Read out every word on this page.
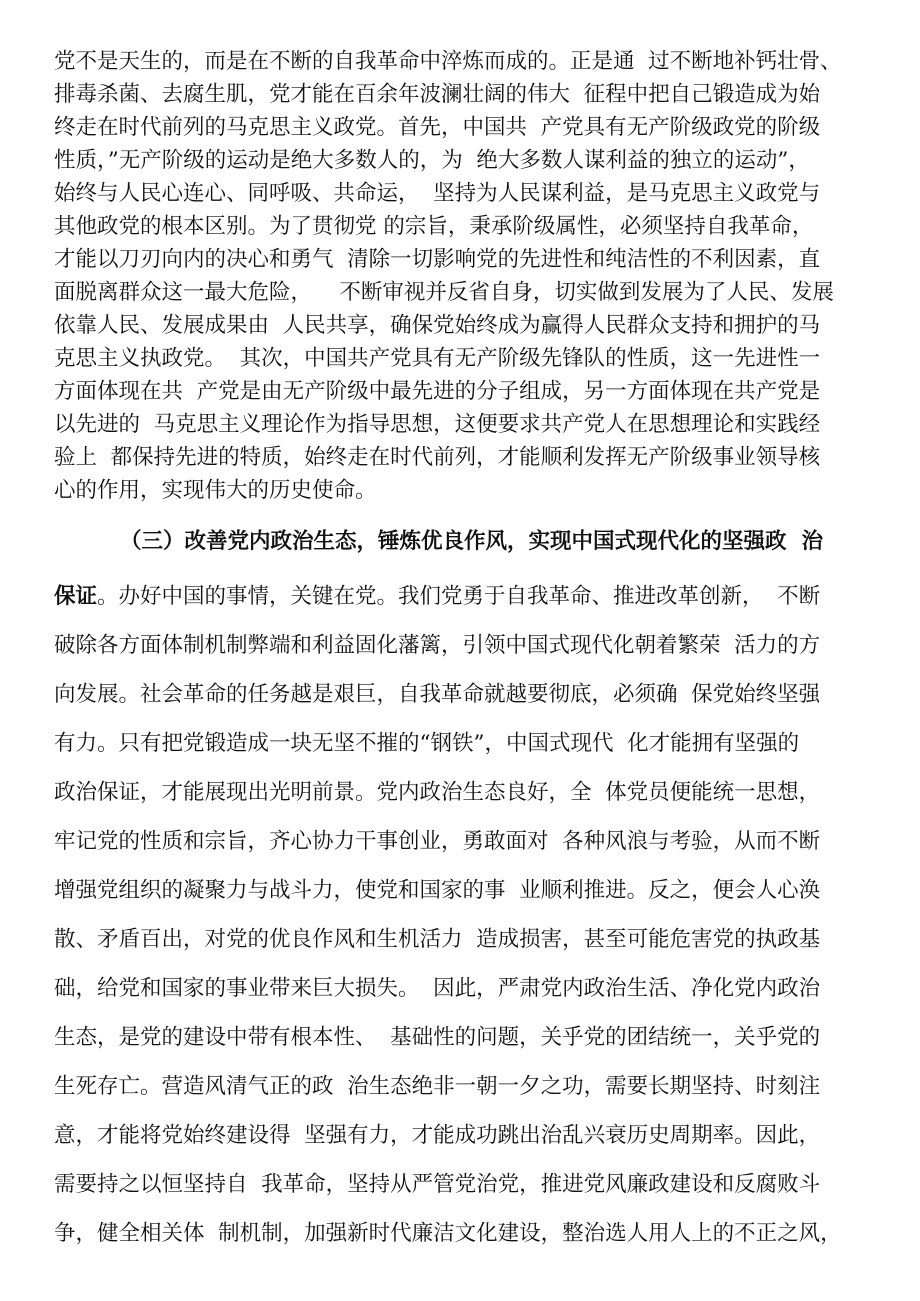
党不是天生的，而是在不断的自我革命中淬炼而成的。正是通  过不断地补钙壮骨、
排毒杀菌、去腐生肌，党才能在百余年波澜壮阔的伟大  征程中把自己锻造成为始
终走在时代前列的马克思主义政党。首先，中国共  产党具有无产阶级政党的阶级
性质，”无产阶级的运动是绝大多数人的，为  绝大多数人谋利益的独立的运动”，
始终与人民心连心、同呼吸、共命运，  坚持为人民谋利益，是马克思主义政党与
其他政党的根本区别。为了贯彻党 的宗旨，秉承阶级属性，必须坚持自我革命，
才能以刀刃向内的决心和勇气  清除一切影响党的先进性和纯洁性的不利因素，直
面脱离群众这一最大危险，    不断审视并反省自身，切实做到发展为了人民、发展
依靠人民、发展成果由  人民共享，确保党始终成为赢得人民群众支持和拥护的马
克思主义执政党。  其次，中国共产党具有无产阶级先锋队的性质，这一先进性一
方面体现在共  产党是由无产阶级中最先进的分子组成，另一方面体现在共产党是
以先进的  马克思主义理论作为指导思想，这便要求共产党人在思想理论和实践经
验上  都保持先进的特质，始终走在时代前列，才能顺利发挥无产阶级事业领导核
心的作用，实现伟大的历史使命。
（三）改善党内政治生态，锤炼优良作风，实现中国式现代化的坚强政  治
保证。办好中国的事情，关键在党。我们党勇于自我革命、推进改革创新，  不断
破除各方面体制机制弊端和利益固化藩篱，引领中国式现代化朝着繁荣  活力的方
向发展。社会革命的任务越是艰巨，自我革命就越要彻底，必须确  保党始终坚强
有力。只有把党锻造成一块无坚不摧的“钢铁”，中国式现代  化才能拥有坚强的
政治保证，才能展现出光明前景。党内政治生态良好，全  体党员便能统一思想，
牢记党的性质和宗旨，齐心协力干事创业，勇敢面对  各种风浪与考验，从而不断
增强党组织的凝聚力与战斗力，使党和国家的事  业顺利推进。反之，便会人心涣
散、矛盾百出，对党的优良作风和生机活力  造成损害，甚至可能危害党的执政基
础，给党和国家的事业带来巨大损失。  因此，严肃党内政治生活、净化党内政治
生态，是党的建设中带有根本性、  基础性的问题，关乎党的团结统一，关乎党的
生死存亡。营造风清气正的政  治生态绝非一朝一夕之功，需要长期坚持、时刻注
意，才能将党始终建设得  坚强有力，才能成功跳出治乱兴衰历史周期率。因此，
需要持之以恒坚持自  我革命，坚持从严管党治党，推进党风廉政建设和反腐败斗
争，健全相关体  制机制，加强新时代廉洁文化建设，整治选人用人上的不正之风，
